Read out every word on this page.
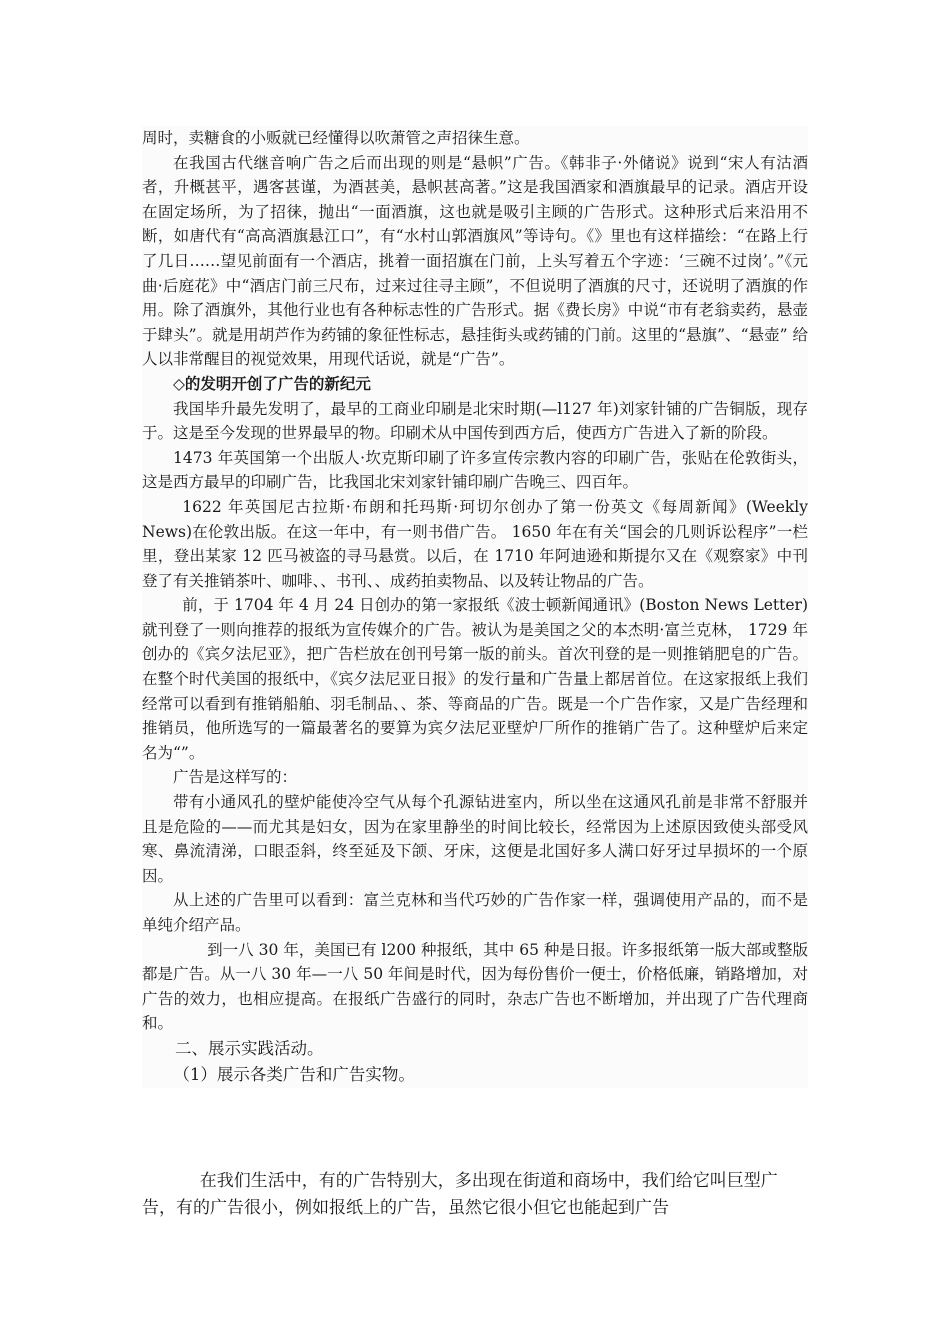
周时，卖糖食的小贩就已经懂得以吹萧管之声招徕生意。

在我国古代继音响广告之后而出现的则是“悬帜”广告。《韩非子·外储说》说到“宋人有沽酒者，升概甚平，遇客甚谨，为酒甚美，悬帜甚高著。”这是我国酒家和酒旗最早的记录。酒店开设在固定场所，为了招徕，抛出“一面酒旗，这也就是吸引主顾的广告形式。这种形式后来沿用不断，如唐代有“高高酒旗悬江口”，有“水村山郭酒旗风”等诗句。《》里也有这样描绘：“在路上行了几日……望见前面有一个酒店，挑着一面招旗在门前，上头写着五个字迹：‘三碗不过岗’。”《元曲·后庭花》中“酒店门前三尺布，过来过往寻主顾”，不但说明了酒旗的尺寸，还说明了酒旗的作用。除了酒旗外，其他行业也有各种标志性的广告形式。据《费长房》中说“市有老翁卖药，悬壶于肆头”。就是用胡芦作为药铺的象征性标志，悬挂街头或药铺的门前。这里的“悬旗”、“悬壶” 给人以非常醒目的视觉效果，用现代话说，就是“广告”。

◇的发明开创了广告的新纪元

我国毕升最先发明了，最早的工商业印刷是北宋时期(—l127 年)刘家针铺的广告铜版，现存于。这是至今发现的世界最早的物。印刷术从中国传到西方后，使西方广告进入了新的阶段。

1473 年英国第一个出版人·坎克斯印刷了许多宣传宗教内容的印刷广告，张贴在伦敦街头，这是西方最早的印刷广告，比我国北宋刘家针铺印刷广告晚三、四百年。

1622 年英国尼古拉斯·布朗和托玛斯·珂切尔创办了第一份英文《每周新闻》(Weekly News)在伦敦出版。在这一年中，有一则书借广告。 1650 年在有关“国会的几则诉讼程序”一栏里，登出某家 12 匹马被盗的寻马悬赏。以后，在 1710 年阿迪逊和斯提尔又在《观察家》中刊登了有关推销茶叶、咖啡、、书刊、、成药拍卖物品、以及转让物品的广告。

前，于 1704 年 4 月 24 日创办的第一家报纸《波士顿新闻通讯》(Boston News Letter)就刊登了一则向推荐的报纸为宣传媒介的广告。被认为是美国之父的本杰明·富兰克林， 1729 年创办的《宾夕法尼亚》，把广告栏放在创刊号第一版的前头。首次刊登的是一则推销肥皂的广告。在整个时代美国的报纸中，《宾夕法尼亚日报》的发行量和广告量上都居首位。在这家报纸上我们经常可以看到有推销船舶、羽毛制品、、茶、等商品的广告。既是一个广告作家，又是广告经理和推销员，他所选写的一篇最著名的要算为宾夕法尼亚壁炉厂所作的推销广告了。这种壁炉后来定名为“”。

广告是这样写的：

带有小通风孔的壁炉能使冷空气从每个孔源钻进室内，所以坐在这通风孔前是非常不舒服并且是危险的——而尤其是妇女，因为在家里静坐的时间比较长，经常因为上述原因致使头部受风寒、鼻流清涕，口眼歪斜，终至延及下颌、牙床，这便是北国好多人满口好牙过早损坏的一个原因。

从上述的广告里可以看到：富兰克林和当代巧妙的广告作家一样，强调使用产品的，而不是单纯介绍产品。

到一八 30 年，美国已有 l200 种报纸，其中 65 种是日报。许多报纸第一版大部或整版都是广告。从一八 30 年—一八 50 年间是时代，因为每份售价一便士，价格低廉，销路增加，对广告的效力，也相应提高。在报纸广告盛行的同时，杂志广告也不断增加，并出现了广告代理商和。

二、展示实践活动。

（1）展示各类广告和广告实物。

在我们生活中，有的广告特别大，多出现在街道和商场中，我们给它叫巨型广告，有的广告很小，例如报纸上的广告，虽然它很小但它也能起到广告
